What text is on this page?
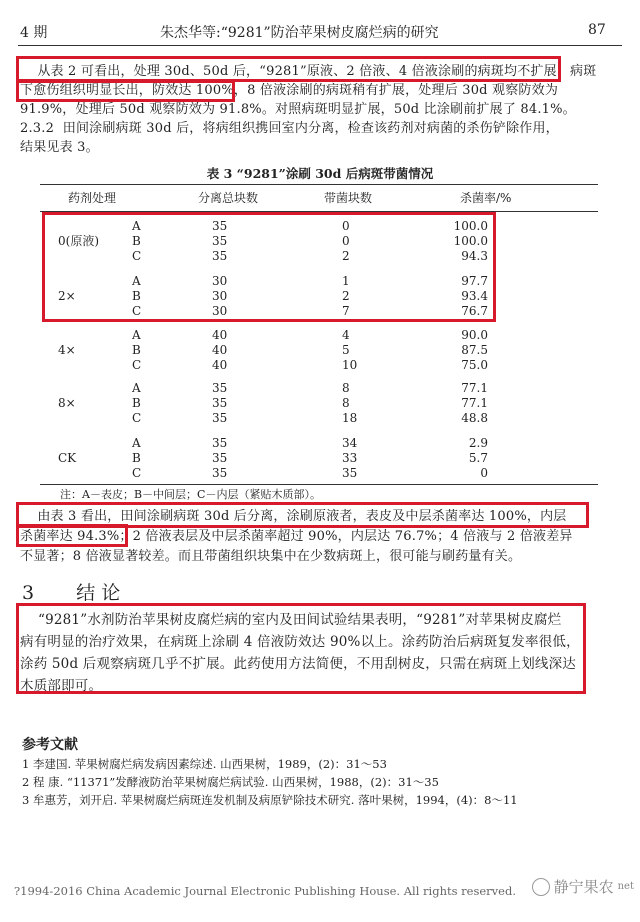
4 期	朱杰华等:“9281”防治苹果树皮腐烂病的研究	87
从表 2 可看出，处理 30d、50d 后，“9281”原液、2 倍液、4 倍液涂刷的病斑均不扩展，病斑
下愈伤组织明显长出，防效达 100%，8 倍液涂刷的病斑稍有扩展，处理后 30d 观察防效为
91.9%，处理后 50d 观察防效为 91.8%。对照病斑明显扩展，50d 比涂刷前扩展了 84.1%。
2.3.2  田间涂刷病斑 30d 后，将病组织携回室内分离，检查该药剂对病菌的杀伤铲除作用，
结果见表 3。
表 3 “9281”涂刷 30d 后病斑带菌情况
药剂处理	分离总块数	带菌块数	杀菌率/%
0(原液)
A	35	0	100.0
B	35	0	100.0
C	35	2	94.3
2×
A	30	1	97.7
B	30	2	93.4
C	30	7	76.7
4×
A	40	4	90.0
B	40	5	87.5
C	40	10	75.0
8×
A	35	8	77.1
B	35	8	77.1
C	35	18	48.8
CK
A	35	34	2.9
B	35	33	5.7
C	35	35	0
注：A－表皮；B－中间层；C－内层（紧贴木质部）。
由表 3 看出，田间涂刷病斑 30d 后分离，涂刷原液者，表皮及中层杀菌率达 100%，内层
杀菌率达 94.3%；2 倍液表层及中层杀菌率超过 90%，内层达 76.7%；4 倍液与 2 倍液差异
不显著；8 倍液显著较差。而且带菌组织块集中在少数病斑上，很可能与刷药量有关。
3 结论
“9281”水剂防治苹果树皮腐烂病的室内及田间试验结果表明，“9281”对苹果树皮腐烂
病有明显的治疗效果，在病斑上涂刷 4 倍液防效达 90%以上。涂药防治后病斑复发率很低，
涂药 50d 后观察病斑几乎不扩展。此药使用方法简便，不用刮树皮，只需在病斑上划线深达
木质部即可。
参考文献
1 李建国. 苹果树腐烂病发病因素综述. 山西果树，1989，(2)：31～53
2 程 康. “11371”发酵液防治苹果树腐烂病试验. 山西果树，1988，(2)：31～35
3 牟惠芳，刘开启. 苹果树腐烂病斑连发机制及病原铲除技术研究. 落叶果树，1994，(4)：8～11
?1994-2016 China Academic Journal Electronic Publishing House. All rights reserved.	静宁果农 net
